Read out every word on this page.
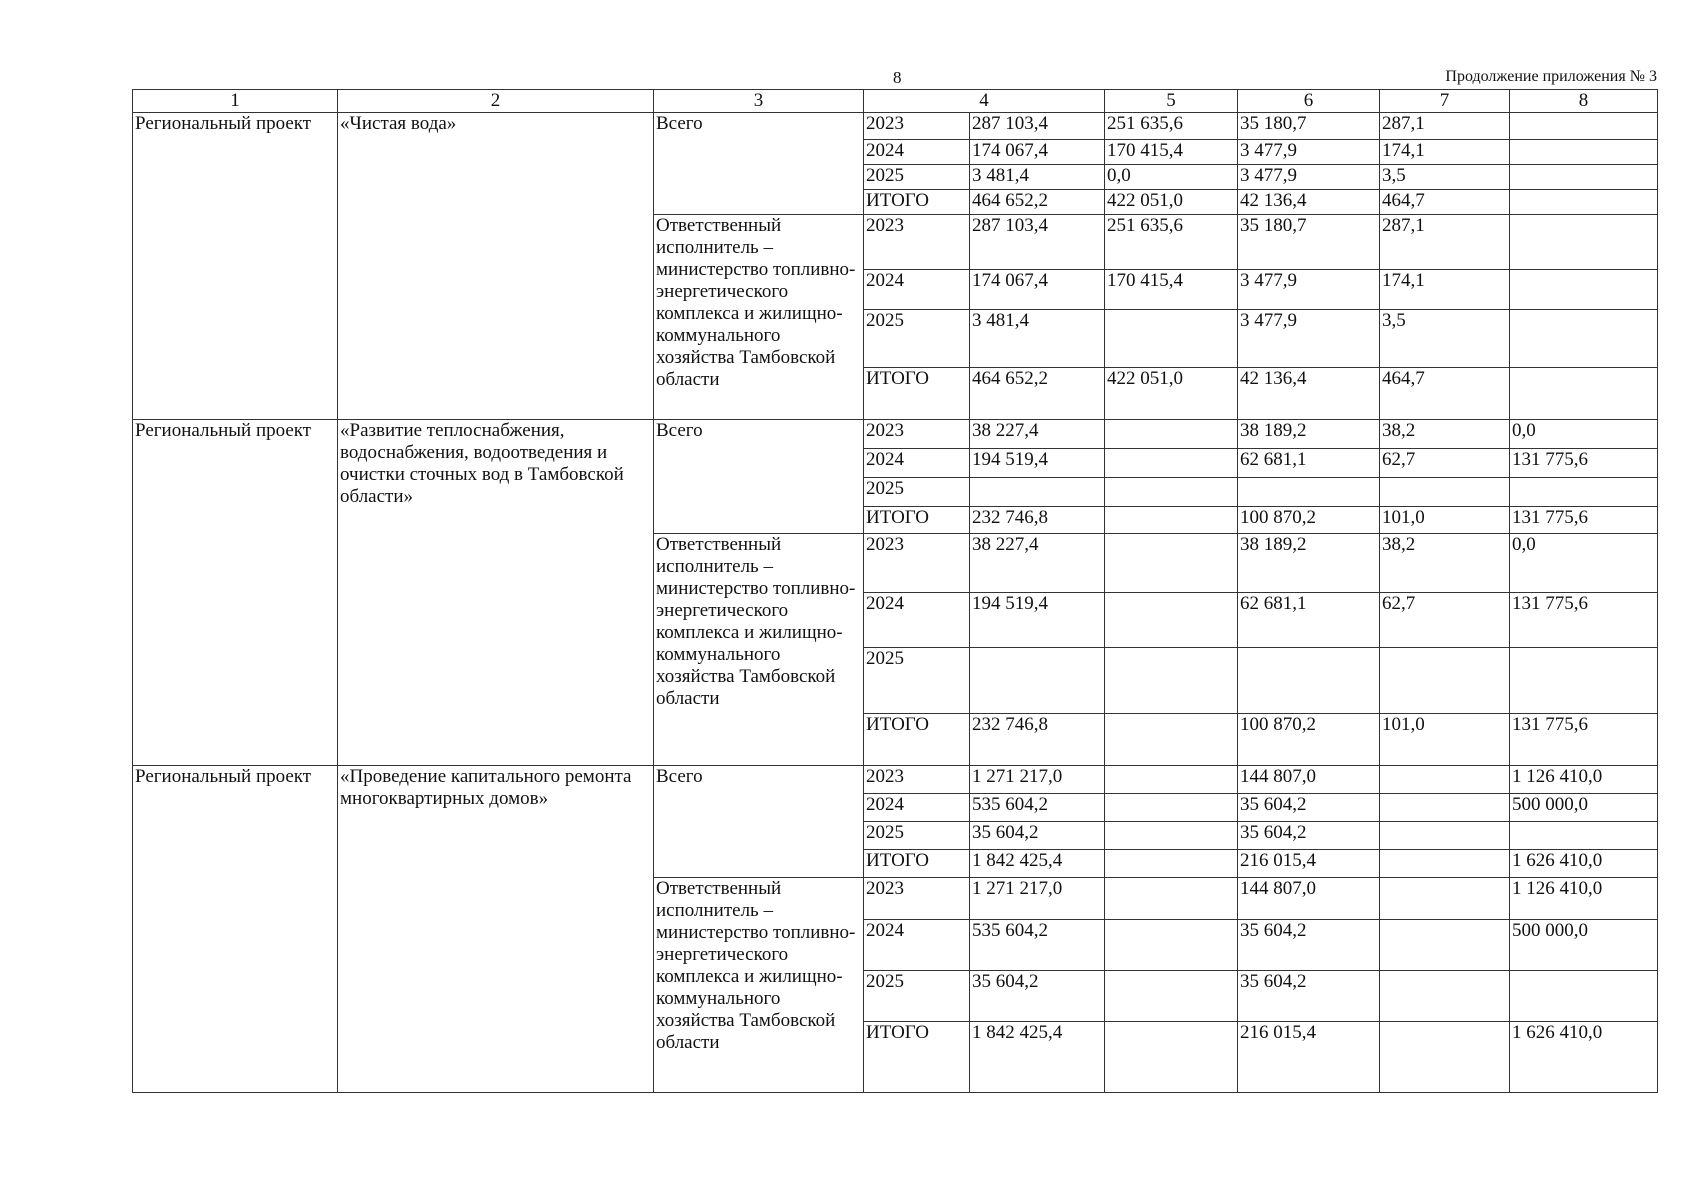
8	Продолжение приложения № 3
1	2	3	4		5	6	7	8
Региональный проект	«Чистая вода»	Всего	2023	287 103,4	251 635,6	35 180,7	287,1	
			2024	174 067,4	170 415,4	3 477,9	174,1	
			2025	3 481,4	0,0	3 477,9	3,5	
			ИТОГО	464 652,2	422 051,0	42 136,4	464,7	
		Ответственный исполнитель – министерство топливно-энергетического комплекса и жилищно-коммунального хозяйства Тамбовской области	2023	287 103,4	251 635,6	35 180,7	287,1	
			2024	174 067,4	170 415,4	3 477,9	174,1	
			2025	3 481,4		3 477,9	3,5	
			ИТОГО	464 652,2	422 051,0	42 136,4	464,7	
Региональный проект	«Развитие теплоснабжения, водоснабжения, водоотведения и очистки сточных вод в Тамбовской области»	Всего	2023	38 227,4		38 189,2	38,2	0,0
			2024	194 519,4		62 681,1	62,7	131 775,6
			2025					
			ИТОГО	232 746,8		100 870,2	101,0	131 775,6
		Ответственный исполнитель – министерство топливно-энергетического комплекса и жилищно-коммунального хозяйства Тамбовской области	2023	38 227,4		38 189,2	38,2	0,0
			2024	194 519,4		62 681,1	62,7	131 775,6
			2025					
			ИТОГО	232 746,8		100 870,2	101,0	131 775,6
Региональный проект	«Проведение капитального ремонта многоквартирных домов»	Всего	2023	1 271 217,0		144 807,0		1 126 410,0
			2024	535 604,2		35 604,2		500 000,0
			2025	35 604,2		35 604,2		
			ИТОГО	1 842 425,4		216 015,4		1 626 410,0
		Ответственный исполнитель – министерство топливно-энергетического комплекса и жилищно-коммунального хозяйства Тамбовской области	2023	1 271 217,0		144 807,0		1 126 410,0
			2024	535 604,2		35 604,2		500 000,0
			2025	35 604,2		35 604,2		
			ИТОГО	1 842 425,4		216 015,4		1 626 410,0
